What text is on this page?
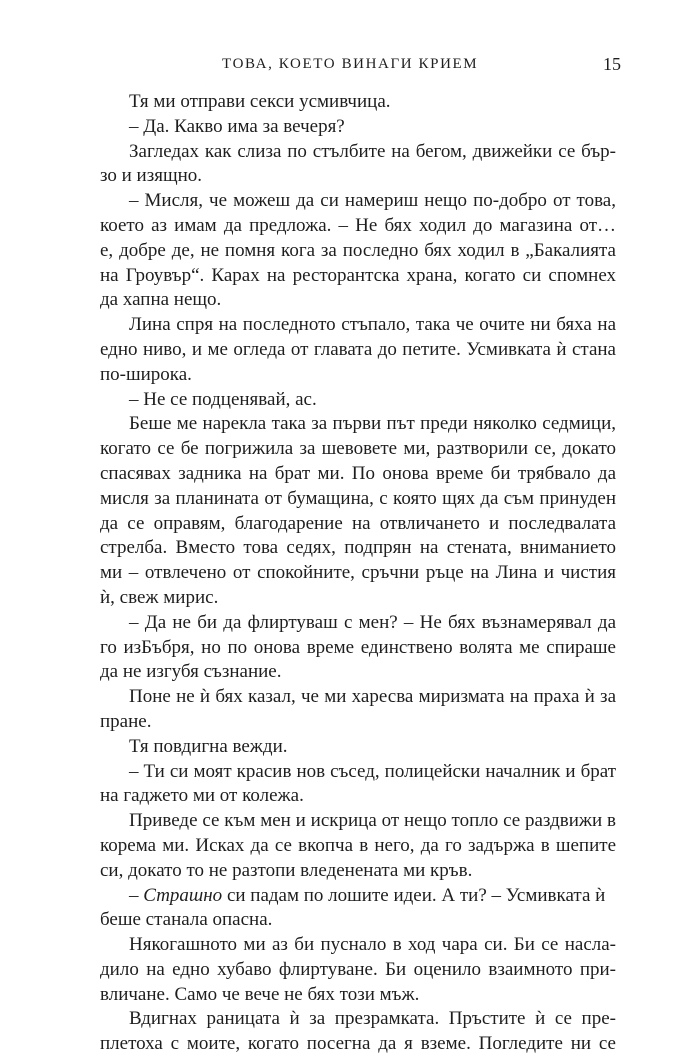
ТОВА, КОЕТО ВИНАГИ КРИЕМ	15
Тя ми отправи секси усмивчица.
– Да. Какво има за вечеря?
Загледах как слиза по стълбите на бегом, движейки се бър-
зо и изящно.
– Мисля, че можеш да си намериш нещо по-добро от това,
което аз имам да предложа. – Не бях ходил до магазина от…
е, добре де, не помня кога за последно бях ходил в „Бакалията
на Гроувър“. Карах на ресторантска храна, когато си спомнех
да хапна нещо.
Лина спря на последното стъпало, така че очите ни бяха на
едно ниво, и ме огледа от главата до петите. Усмивката ѝ стана
по-широка.
– Не се подценявай, ас.
Беше ме нарекла така за първи път преди няколко седмици,
когато се бе погрижила за шевовете ми, разтворили се, докато
спасявах задника на брат ми. По онова време би трябвало да
мисля за планината от бумащина, с която щях да съм принуден
да се оправям, благодарение на отвличането и последвалата
стрелба. Вместо това седях, подпрян на стената, вниманието
ми – отвлечено от спокойните, сръчни ръце на Лина и чистия
ѝ, свеж мирис.
– Да не би да флиртуваш с мен? – Не бях възнамерявал да
го изБъбря, но по онова време единствено волята ме спираше
да не изгубя съзнание.
Поне не ѝ бях казал, че ми харесва миризмата на праха ѝ за
пране.
Тя повдигна вежди.
– Ти си моят красив нов съсед, полицейски началник и брат
на гаджето ми от колежа.
Приведе се към мен и искрица от нещо топло се раздвижи в
корема ми. Исках да се вкопча в него, да го задържа в шепите
си, докато то не разтопи вледенената ми кръв.
– Страшно си падам по лошите идеи. А ти? – Усмивката ѝ
беше станала опасна.
Някогашното ми аз би пуснало в ход чара си. Би се насла-
дило на едно хубаво флиртуване. Би оценило взаимното при-
вличане. Само че вече не бях този мъж.
Вдигнах раницата ѝ за презрамката. Пръстите ѝ се пре-
плетоха с моите, когато посегна да я вземе. Погледите ни се
